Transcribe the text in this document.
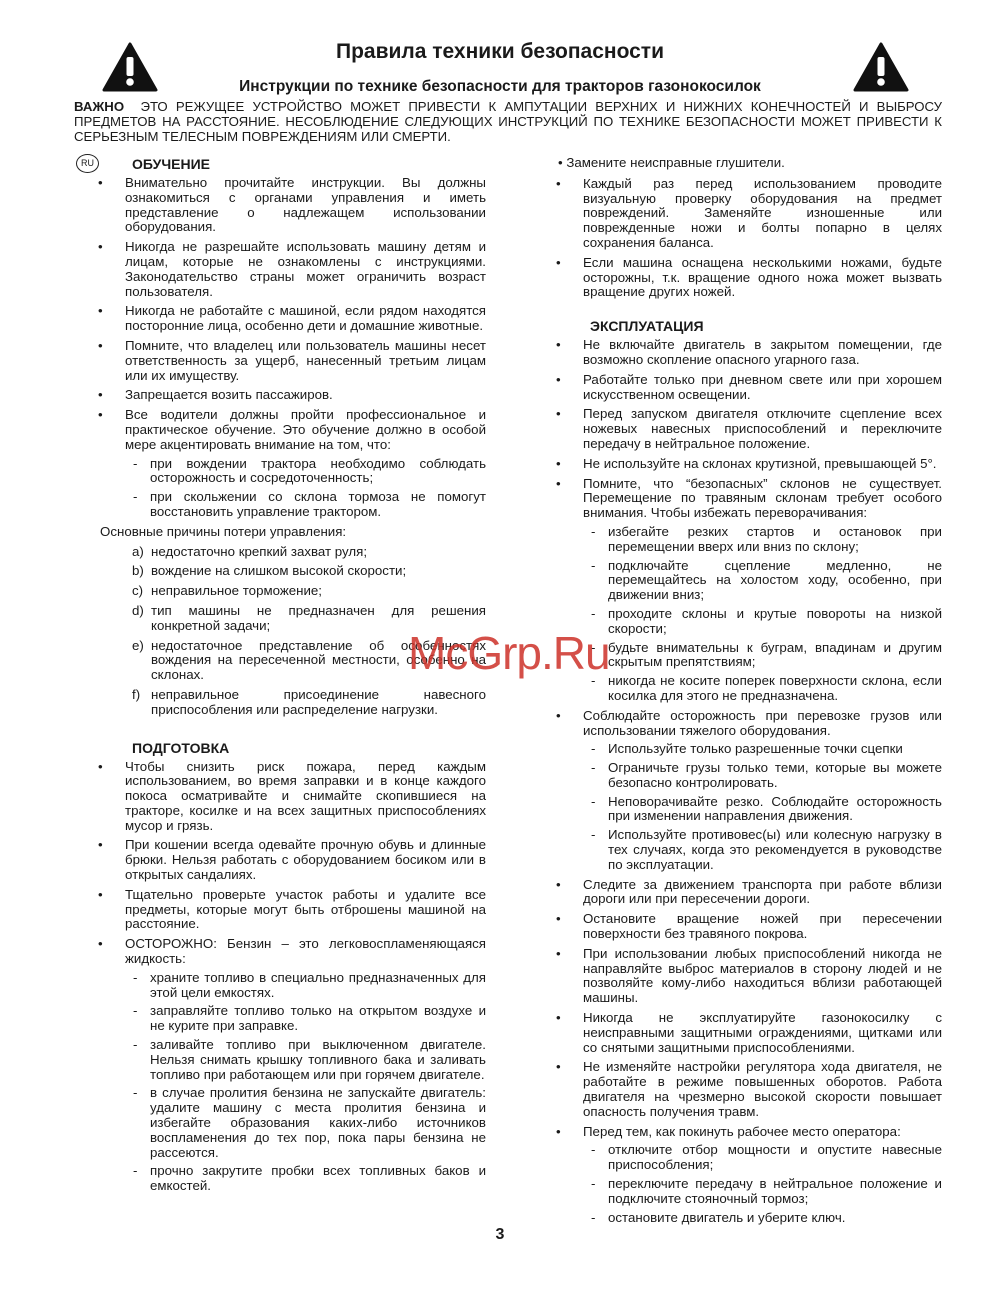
Правила техники безопасности
Инструкции по технике безопасности для тракторов газонокосилок

ВАЖНО ЭТО РЕЖУЩЕЕ УСТРОЙСТВО МОЖЕТ ПРИВЕСТИ К АМПУТАЦИИ ВЕРХНИХ И НИЖНИХ КОНЕЧНОСТЕЙ И ВЫБРОСУ ПРЕДМЕТОВ НА РАССТОЯНИЕ. НЕСОБЛЮДЕНИЕ СЛЕДУЮЩИХ ИНСТРУКЦИЙ ПО ТЕХНИКЕ БЕЗОПАСНОСТИ МОЖЕТ ПРИВЕСТИ К СЕРЬЕЗНЫМ ТЕЛЕСНЫМ ПОВРЕЖДЕНИЯМ ИЛИ СМЕРТИ.

RU	ОБУЧЕНИЕ
• Внимательно прочитайте инструкции. Вы должны ознакомиться с органами управления и иметь представление о надлежащем использовании оборудования.
• Никогда не разрешайте использовать машину детям и лицам, которые не ознакомлены с инструкциями. Законодательство страны может ограничить возраст пользователя.
• Никогда не работайте с машиной, если рядом находятся посторонние лица, особенно дети и домашние животные.
• Помните, что владелец или пользователь машины несет ответственность за ущерб, нанесенный третьим лицам или их имуществу.
• Запрещается возить пассажиров.
• Все водители должны пройти профессиональное и практическое обучение. Это обучение должно в особой мере акцентировать внимание на том, что:
- при вождении трактора необходимо соблюдать осторожность и сосредоточенность;
- при скольжении со склона тормоза не помогут восстановить управление трактором.
Основные причины потери управления:
a) недостаточно крепкий захват руля;
b) вождение на слишком высокой скорости;
c) неправильное торможение;
d) тип машины не предназначен для решения конкретной задачи;
e) недостаточное представление об особенностях вождения на пересеченной местности, особенно на склонах.
f) неправильное присоединение навесного приспособления или распределение нагрузки.
ПОДГОТОВКА
• Чтобы снизить риск пожара, перед каждым использованием, во время заправки и в конце каждого покоса осматривайте и снимайте скопившиеся на тракторе, косилке и на всех защитных приспособлениях мусор и грязь.
• При кошении всегда одевайте прочную обувь и длинные брюки. Нельзя работать с оборудованием босиком или в открытых сандалиях.
• Тщательно проверьте участок работы и удалите все предметы, которые могут быть отброшены машиной на расстояние.
• ОСТОРОЖНО: Бензин – это легковоспламеняющаяся жидкость:
- храните топливо в специально предназначенных для этой цели емкостях.
- заправляйте топливо только на открытом воздухе и не курите при заправке.
- заливайте топливо при выключенном двигателе. Нельзя снимать крышку топливного бака и заливать топливо при работающем или при горячем двигателе.
- в случае пролития бензина не запускайте двигатель: удалите машину с места пролития бензина и избегайте образования каких-либо источников воспламенения до тех пор, пока пары бензина не рассеются.
- прочно закрутите пробки всех топливных баков и емкостей.
• Замените неисправные глушители.
• Каждый раз перед использованием проводите визуальную проверку оборудования на предмет повреждений. Заменяйте изношенные или поврежденные ножи и болты попарно в целях сохранения баланса.
• Если машина оснащена несколькими ножами, будьте осторожны, т.к. вращение одного ножа может вызвать вращение других ножей.
ЭКСПЛУАТАЦИЯ
• Не включайте двигатель в закрытом помещении, где возможно скопление опасного угарного газа.
• Работайте только при дневном свете или при хорошем искусственном освещении.
• Перед запуском двигателя отключите сцепление всех ножевых навесных приспособлений и переключите передачу в нейтральное положение.
• Не используйте на склонах крутизной, превышающей 5°.
• Помните, что “безопасных” склонов не существует. Перемещение по травяным склонам требует особого внимания. Чтобы избежать переворачивания:
- избегайте резких стартов и остановок при перемещении вверх или вниз по склону;
- подключайте сцепление медленно, не перемещайтесь на холостом ходу, особенно, при движении вниз;
- проходите склоны и крутые повороты на низкой скорости;
- будьте внимательны к буграм, впадинам и другим скрытым препятствиям;
- никогда не косите поперек поверхности склона, если косилка для этого не предназначена.
• Соблюдайте осторожность при перевозке грузов или использовании тяжелого оборудования.
- Используйте только разрешенные точки сцепки
- Ограничьте грузы только теми, которые вы можете безопасно контролировать.
- Неповорачивайте резко. Соблюдайте осторожность при изменении направления движения.
- Используйте противовес(ы) или колесную нагрузку в тех случаях, когда это рекомендуется в руководстве по эксплуатации.
• Следите за движением транспорта при работе вблизи дороги или при пересечении дороги.
• Остановите вращение ножей при пересечении поверхности без травяного покрова.
• При использовании любых приспособлений никогда не направляйте выброс материалов в сторону людей и не позволяйте кому-либо находиться вблизи работающей машины.
• Никогда не эксплуатируйте газонокосилку с неисправными защитными ограждениями, щитками или со снятыми защитными приспособлениями.
• Не изменяйте настройки регулятора хода двигателя, не работайте в режиме повышенных оборотов. Работа двигателя на чрезмерно высокой скорости повышает опасность получения травм.
• Перед тем, как покинуть рабочее место оператора:
- отключите отбор мощности и опустите навесные приспособления;
- переключите передачу в нейтральное положение и подключите стояночный тормоз;
- остановите двигатель и уберите ключ.
McGrp.Ru
3
